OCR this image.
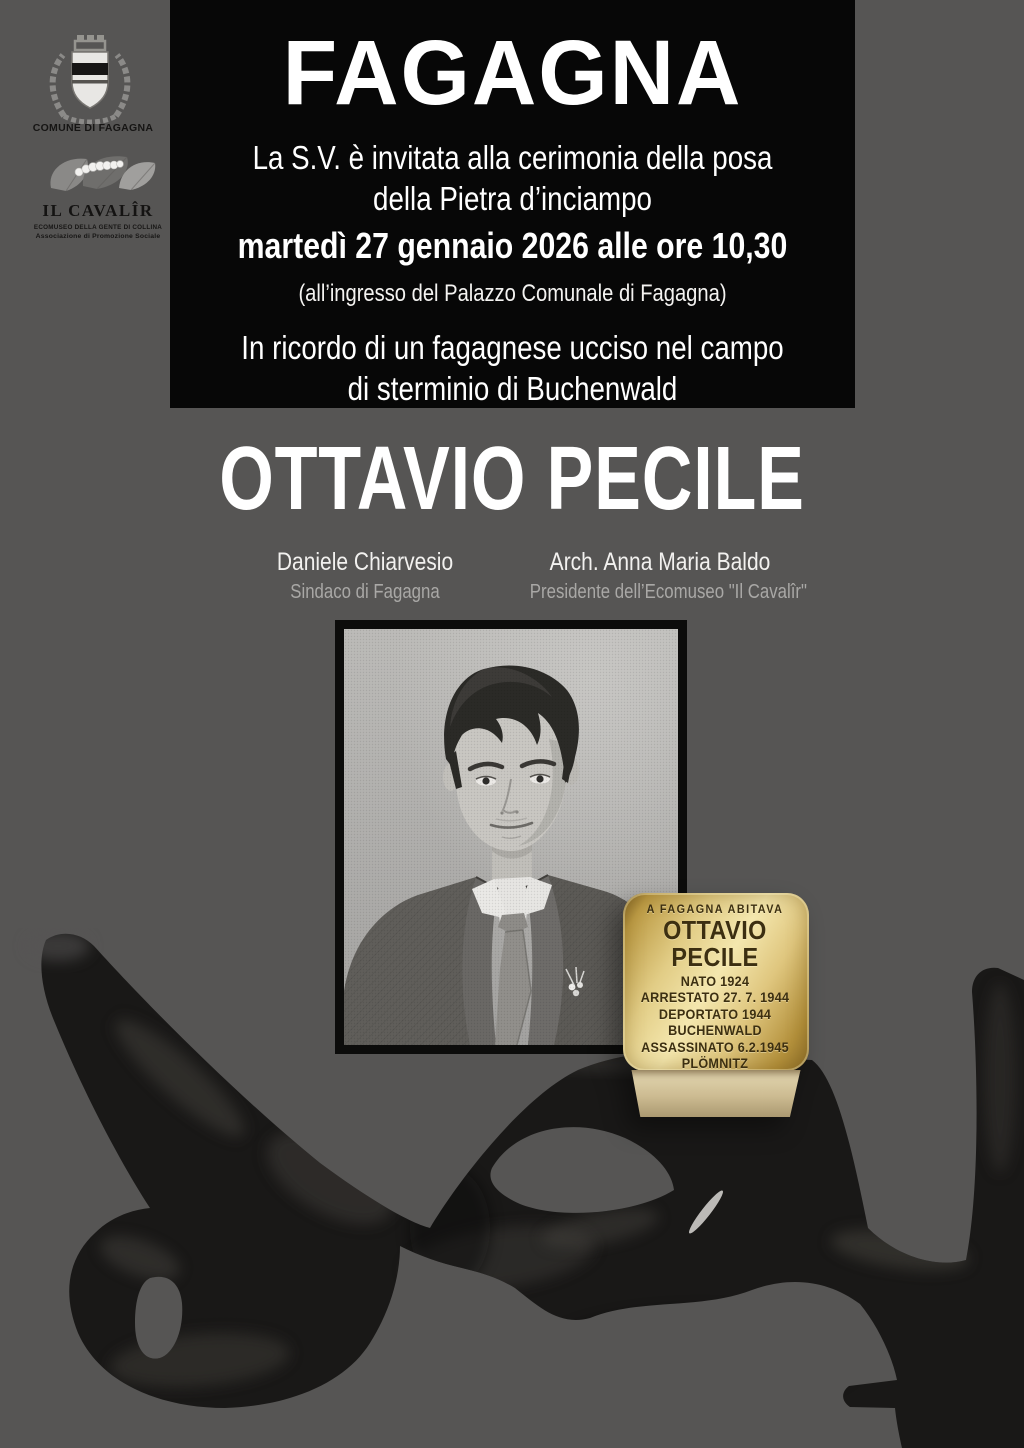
COMUNE DI FAGAGNA
IL CAVALÎR
ECOMUSEO DELLA GENTE DI COLLINA
Associazione di Promozione Sociale
FAGAGNA
La S.V. è invitata alla cerimonia della posa
della Pietra d’inciampo
martedì 27 gennaio 2026 alle ore 10,30
(all’ingresso del Palazzo Comunale di Fagagna)
In ricordo di un fagagnese ucciso nel campo
di sterminio di Buchenwald
OTTAVIO PECILE
Daniele Chiarvesio
Sindaco di Fagagna
Arch. Anna Maria Baldo
Presidente dell’Ecomuseo "Il Cavalîr"
A FAGAGNA ABITAVA
OTTAVIO
PECILE
NATO 1924
ARRESTATO 27. 7. 1944
DEPORTATO 1944
BUCHENWALD
ASSASSINATO 6.2.1945
PLÖMNITZ
